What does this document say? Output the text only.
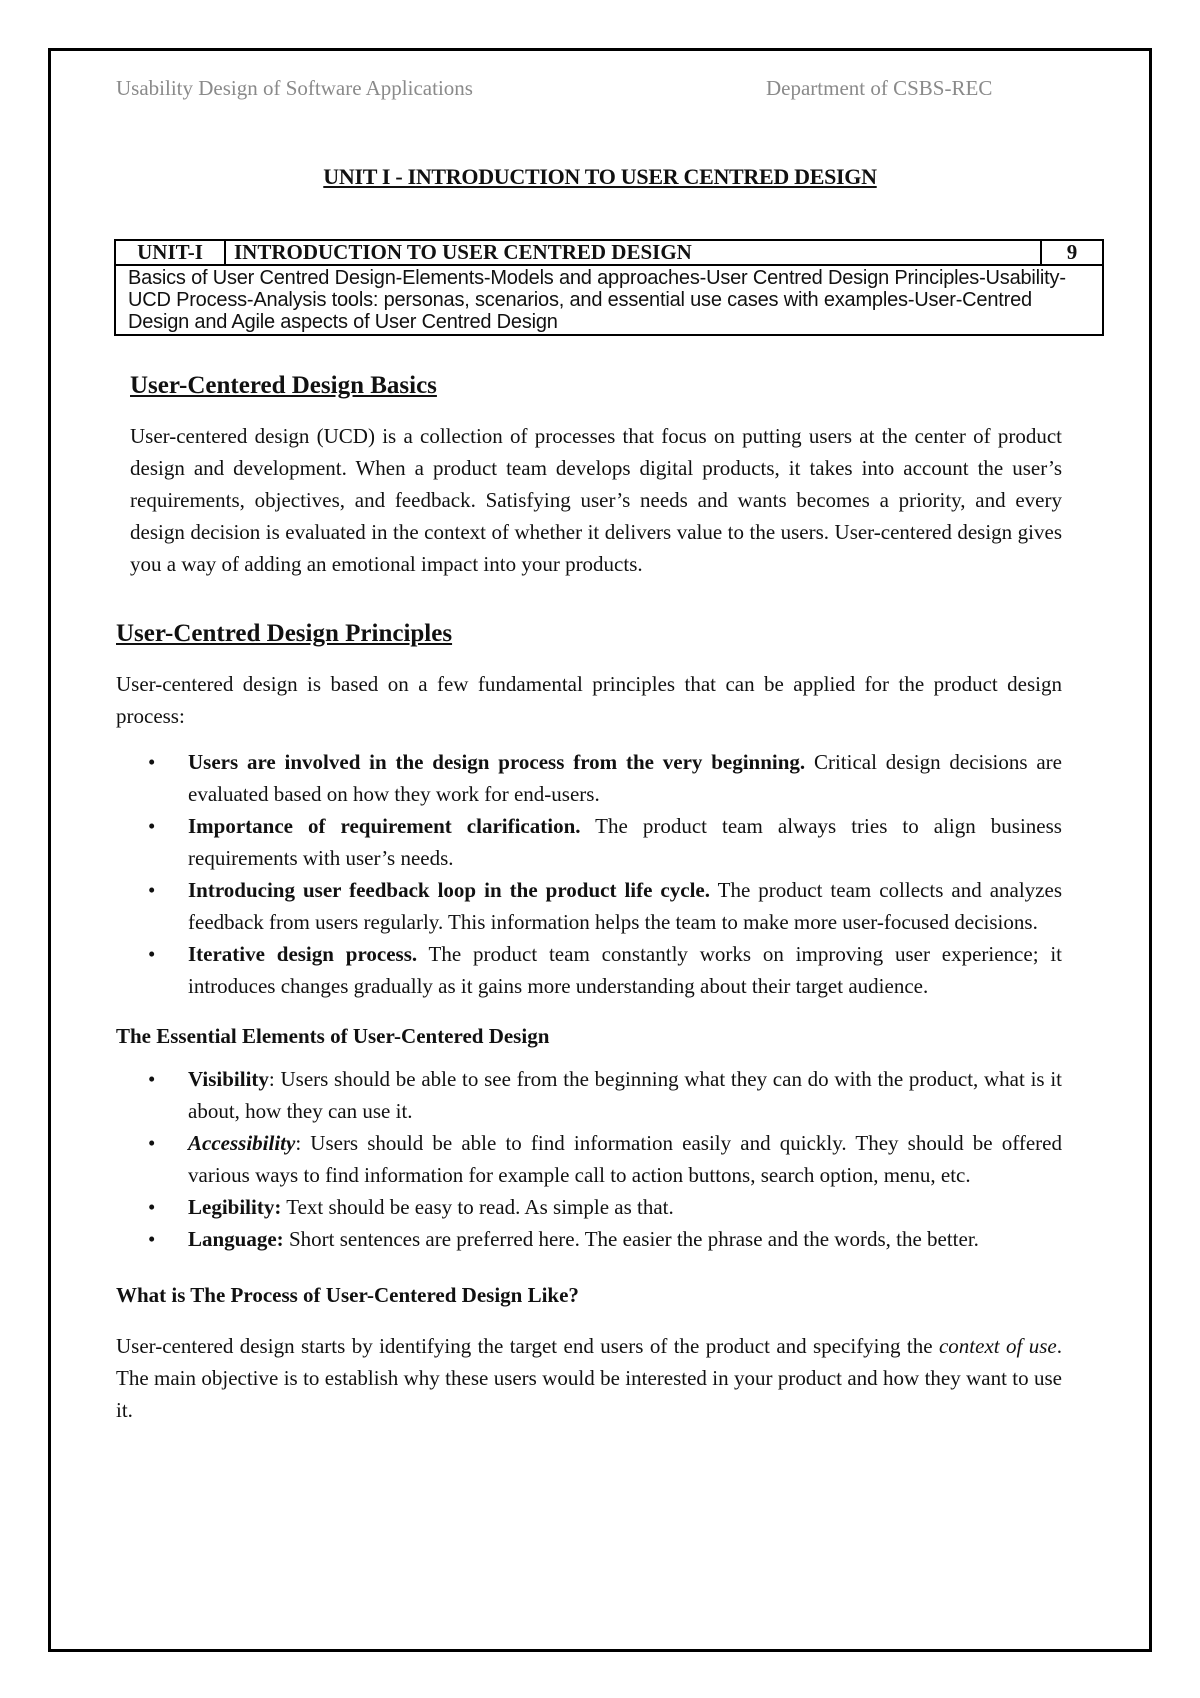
Usability Design of Software Applications	Department of CSBS-REC
UNIT I - INTRODUCTION TO USER CENTRED DESIGN
UNIT-I	INTRODUCTION TO USER CENTRED DESIGN	9
Basics of User Centred Design-Elements-Models and approaches-User Centred Design Principles-Usability-UCD Process-Analysis tools: personas, scenarios, and essential use cases with examples-User-Centred Design and Agile aspects of User Centred Design
User-Centered Design Basics

User-centered design (UCD) is a collection of processes that focus on putting users at the center of product design and development. When a product team develops digital products, it takes into account the user’s requirements, objectives, and feedback. Satisfying user’s needs and wants becomes a priority, and every design decision is evaluated in the context of whether it delivers value to the users. User-centered design gives you a way of adding an emotional impact into your products.

User-Centred Design Principles

User-centered design is based on a few fundamental principles that can be applied for the product design process:

• Users are involved in the design process from the very beginning. Critical design decisions are evaluated based on how they work for end-users.
• Importance of requirement clarification. The product team always tries to align business requirements with user’s needs.
• Introducing user feedback loop in the product life cycle. The product team collects and analyzes feedback from users regularly. This information helps the team to make more user-focused decisions.
• Iterative design process. The product team constantly works on improving user experience; it introduces changes gradually as it gains more understanding about their target audience.
The Essential Elements of User-Centered Design
• Visibility: Users should be able to see from the beginning what they can do with the product, what is it about, how they can use it.
• Accessibility: Users should be able to find information easily and quickly. They should be offered various ways to find information for example call to action buttons, search option, menu, etc.
• Legibility: Text should be easy to read. As simple as that.
• Language: Short sentences are preferred here. The easier the phrase and the words, the better.
What is The Process of User-Centered Design Like?

User-centered design starts by identifying the target end users of the product and specifying the context of use. The main objective is to establish why these users would be interested in your product and how they want to use it.
